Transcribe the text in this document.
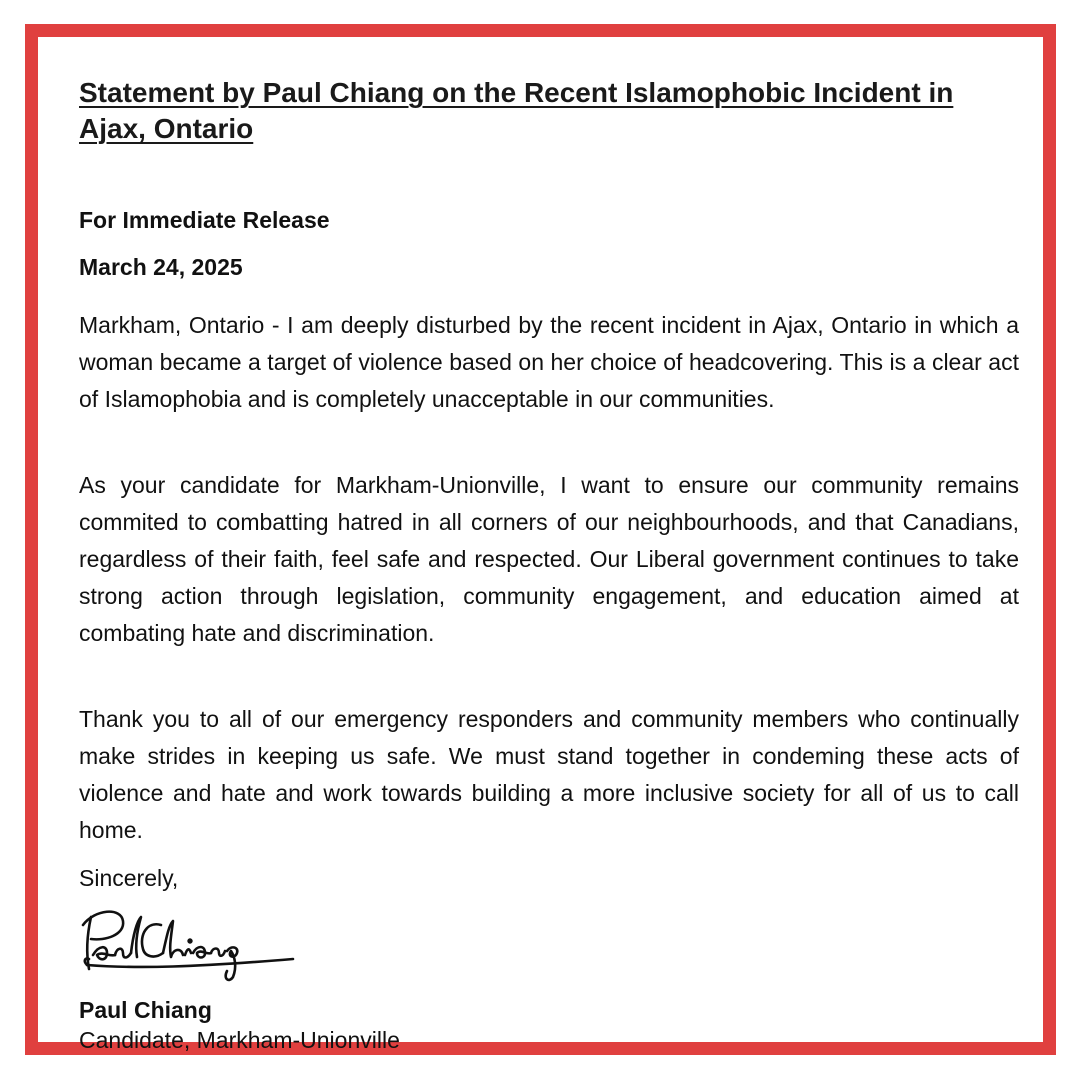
Statement by Paul Chiang on the Recent Islamophobic Incident in Ajax, Ontario

For Immediate Release

March 24, 2025

Markham, Ontario - I am deeply disturbed by the recent incident in Ajax, Ontario in which a woman became a target of violence based on her choice of headcovering. This is a clear act of Islamophobia and is completely unacceptable in our communities.

As your candidate for Markham-Unionville, I want to ensure our community remains commited to combatting hatred in all corners of our neighbourhoods, and that Canadians, regardless of their faith, feel safe and respected. Our Liberal government continues to take strong action through legislation, community engagement, and education aimed at combating hate and discrimination.

Thank you to all of our emergency responders and community members who continually make strides in keeping us safe. We must stand together in condeming these acts of violence and hate and work towards building a more inclusive society for all of us to call home.

Sincerely,

Paul Chiang

Candidate, Markham-Unionville
